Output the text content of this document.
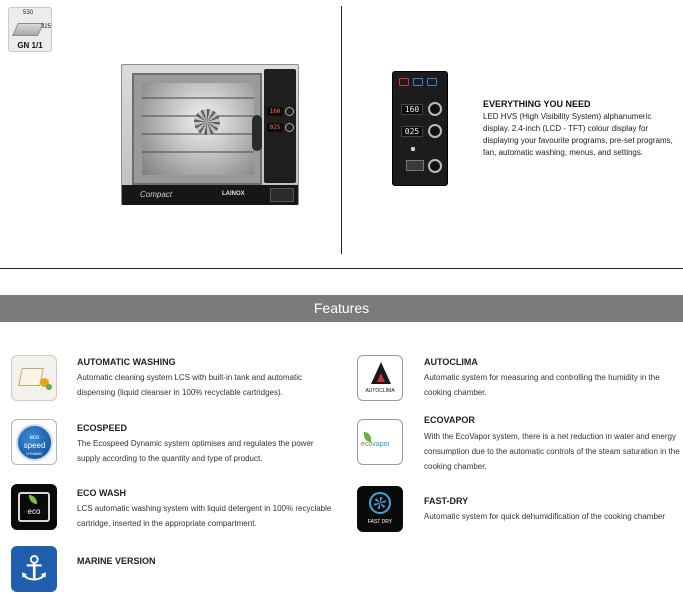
530
325
GN 1/1
160
025
Compact	LAINOX
160
025
EVERYTHING YOU NEED
LED HVS (High Visibility System) alphanumeric display. 2.4-inch (LCD - TFT) colour display for displaying your favourite programs, pre-set programs, fan, automatic washing, menus, and settings.
Features
AUTOMATIC WASHING
Automatic cleaning system LCS with built-in tank and automatic dispensing (liquid cleanser in 100% recyclable cartridges).
eco
speed
DYNAMIC
ECOSPEED
The Ecospeed Dynamic system optimises and regulates the power supply according to the quantity and type of product.
eco
ECO WASH
LCS automatic washing system with liquid detergent in 100% recyclable cartridge, inserted in the appropriate compartment.
⚓	MARINE VERSION
AUTOCLIMA
AUTOCLIMA
Automatic system for measuring and controlling the humidity in the cooking chamber.
ecovapor
ECOVAPOR
With the EcoVapor system, there is a net reduction in water and energy consumption due to the automatic controls of the steam saturation in the cooking chamber.
FAST DRY
FAST-DRY
Automatic system for quick dehumidification of the cooking chamber
